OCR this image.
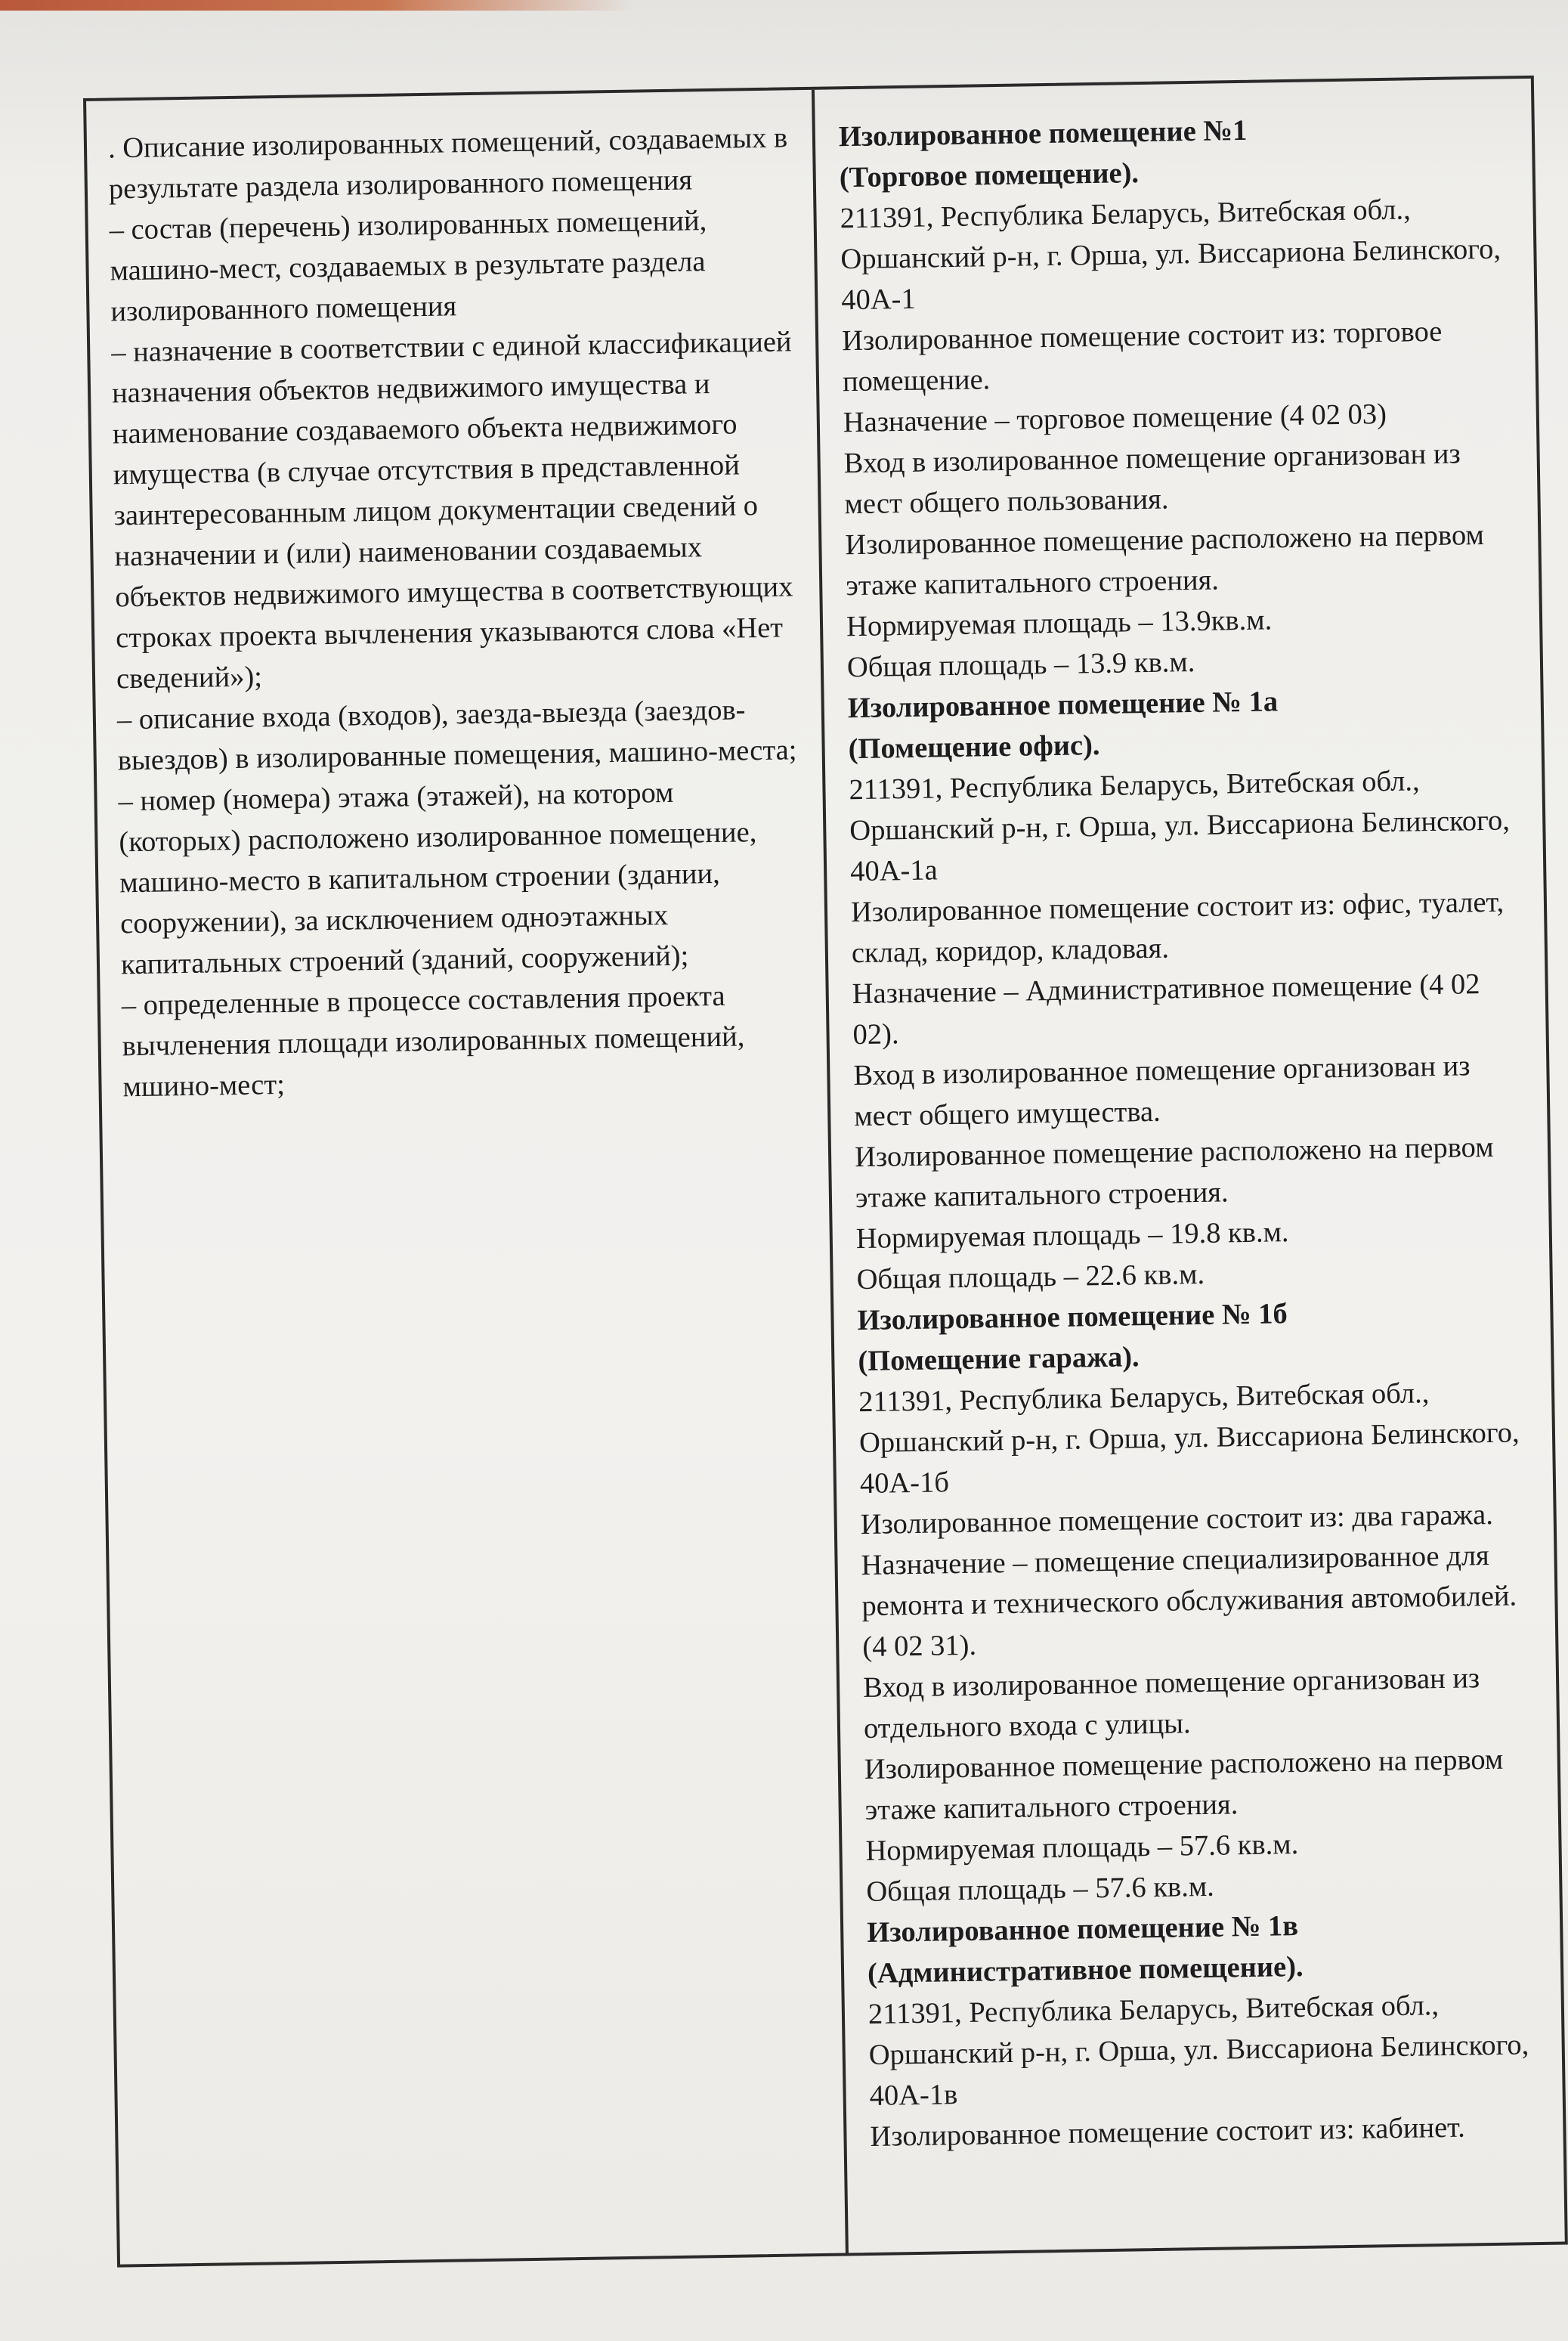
. Описание изолированных помещений, создаваемых в результате раздела изолированного помещения

– состав (перечень) изолированных помещений, машино-мест, создаваемых в результате раздела изолированного помещения

– назначение в соответствии с единой классификацией назначения объектов недвижимого имущества и наименование создаваемого объекта недвижимого имущества (в случае отсутствия в представленной заинтересованным лицом документации сведений о назначении и (или) наименовании создаваемых объектов недвижимого имущества в соответствующих строках проекта вычленения указываются слова «Нет сведений»);

– описание входа (входов), заезда-выезда (заездов-выездов) в изолированные помещения, машино-места;

– номер (номера) этажа (этажей), на котором (которых) расположено изолированное помещение, машино-место в капитальном строении (здании, сооружении), за исключением одноэтажных капитальных строений (зданий, сооружений);

– определенные в процессе составления проекта вычленения площади изолированных помещений, мшино-мест;

Изолированное помещение №1

(Торговое помещение).

211391, Республика Беларусь, Витебская обл., Оршанский р-н, г. Орша, ул. Виссариона Белинского, 40А-1

Изолированное помещение состоит из: торговое помещение.

Назначение – торговое помещение (4 02 03)

Вход в изолированное помещение организован из мест общего пользования.

Изолированное помещение расположено на первом этаже капитального строения.

Нормируемая площадь – 13.9кв.м.

Общая площадь – 13.9 кв.м.

Изолированное помещение № 1а

(Помещение офис).

211391, Республика Беларусь, Витебская обл., Оршанский р-н, г. Орша, ул. Виссариона Белинского, 40А-1а

Изолированное помещение состоит из: офис, туалет, склад, коридор, кладовая.

Назначение – Административное помещение (4 02 02).

Вход в изолированное помещение организован из мест общего имущества.

Изолированное помещение расположено на первом этаже капитального строения.

Нормируемая площадь – 19.8 кв.м.

Общая площадь – 22.6 кв.м.

Изолированное помещение № 1б

(Помещение гаража).

211391, Республика Беларусь, Витебская обл., Оршанский р-н, г. Орша, ул. Виссариона Белинского, 40А-1б

Изолированное помещение состоит из: два гаража.

Назначение – помещение специализированное для ремонта и технического обслуживания автомобилей. (4 02 31).

Вход в изолированное помещение организован из отдельного входа с улицы.

Изолированное помещение расположено на первом этаже капитального строения.

Нормируемая площадь – 57.6 кв.м.

Общая площадь – 57.6 кв.м.

Изолированное помещение № 1в

(Административное помещение).

211391, Республика Беларусь, Витебская обл., Оршанский р-н, г. Орша, ул. Виссариона Белинского, 40А-1в

Изолированное помещение состоит из: кабинет.
